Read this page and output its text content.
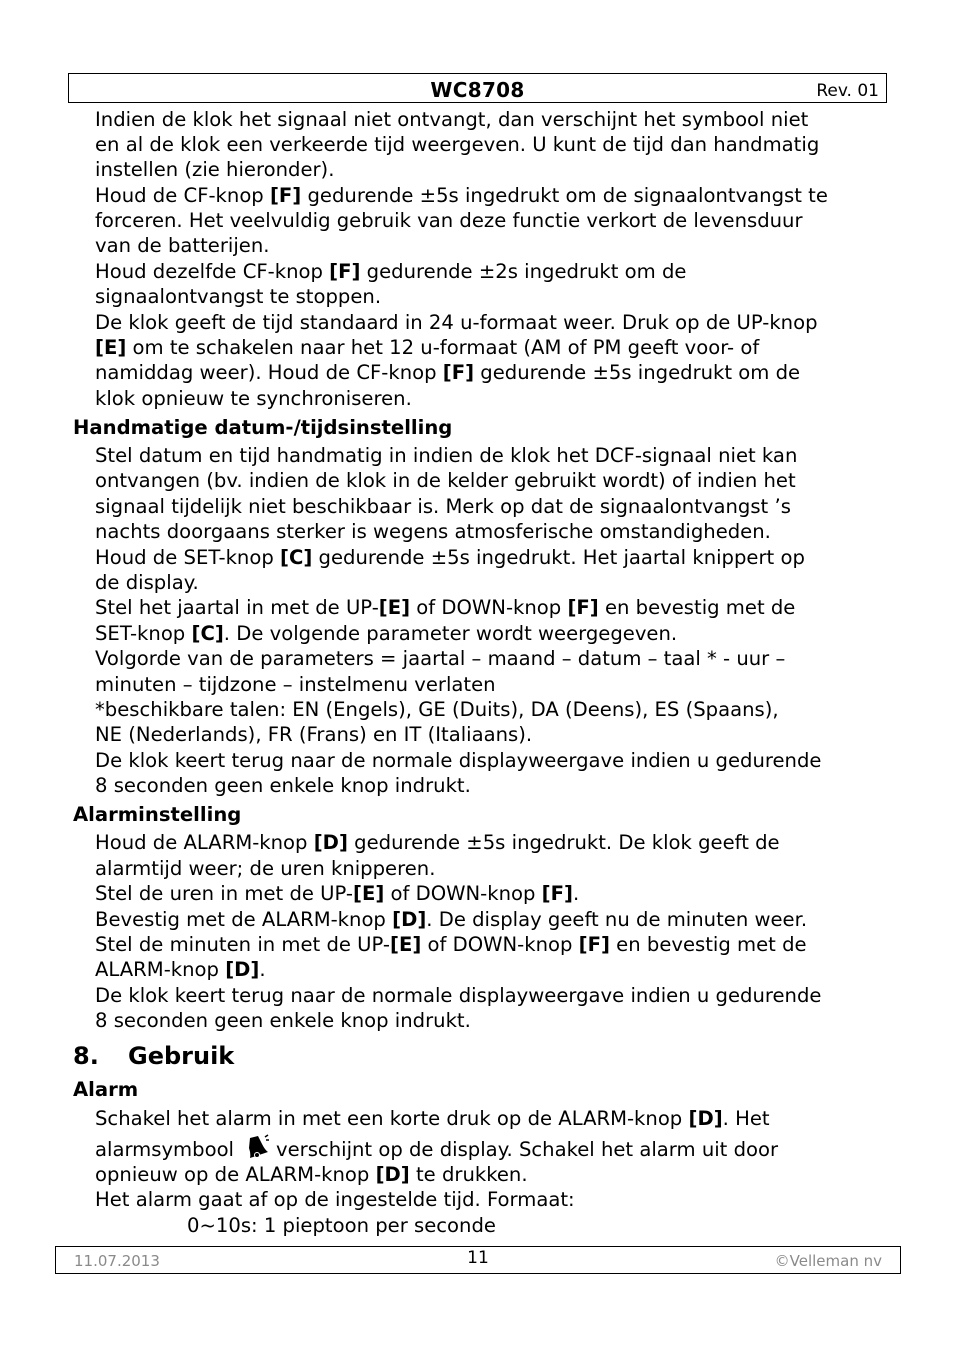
WC8708	Rev. 01
Indien de klok het signaal niet ontvangt, dan verschijnt het symbool niet
en al de klok een verkeerde tijd weergeven. U kunt de tijd dan handmatig
instellen (zie hieronder).
Houd de CF-knop [F] gedurende ±5s ingedrukt om de signaalontvangst te
forceren. Het veelvuldig gebruik van deze functie verkort de levensduur
van de batterijen.
Houd dezelfde CF-knop [F] gedurende ±2s ingedrukt om de
signaalontvangst te stoppen.
De klok geeft de tijd standaard in 24 u-formaat weer. Druk op de UP-knop
[E] om te schakelen naar het 12 u-formaat (AM of PM geeft voor- of
namiddag weer). Houd de CF-knop [F] gedurende ±5s ingedrukt om de
klok opnieuw te synchroniseren.
Handmatige datum-/tijdsinstelling
Stel datum en tijd handmatig in indien de klok het DCF-signaal niet kan
ontvangen (bv. indien de klok in de kelder gebruikt wordt) of indien het
signaal tijdelijk niet beschikbaar is. Merk op dat de signaalontvangst ’s
nachts doorgaans sterker is wegens atmosferische omstandigheden.
Houd de SET-knop [C] gedurende ±5s ingedrukt. Het jaartal knippert op
de display.
Stel het jaartal in met de UP-[E] of DOWN-knop [F] en bevestig met de
SET-knop [C]. De volgende parameter wordt weergegeven.
Volgorde van de parameters = jaartal – maand – datum – taal * - uur –
minuten – tijdzone – instelmenu verlaten
*beschikbare talen: EN (Engels), GE (Duits), DA (Deens), ES (Spaans),
NE (Nederlands), FR (Frans) en IT (Italiaans).
De klok keert terug naar de normale displayweergave indien u gedurende
8 seconden geen enkele knop indrukt.
Alarminstelling
Houd de ALARM-knop [D] gedurende ±5s ingedrukt. De klok geeft de
alarmtijd weer; de uren knipperen.
Stel de uren in met de UP-[E] of DOWN-knop [F].
Bevestig met de ALARM-knop [D]. De display geeft nu de minuten weer.
Stel de minuten in met de UP-[E] of DOWN-knop [F] en bevestig met de
ALARM-knop [D].
De klok keert terug naar de normale displayweergave indien u gedurende
8 seconden geen enkele knop indrukt.
8. Gebruik
Alarm
Schakel het alarm in met een korte druk op de ALARM-knop [D]. Het
alarmsymbool verschijnt op de display. Schakel het alarm uit door
opnieuw op de ALARM-knop [D] te drukken.
Het alarm gaat af op de ingestelde tijd. Formaat:
0~10s: 1 pieptoon per seconde
11.07.2013	11	©Velleman nv
